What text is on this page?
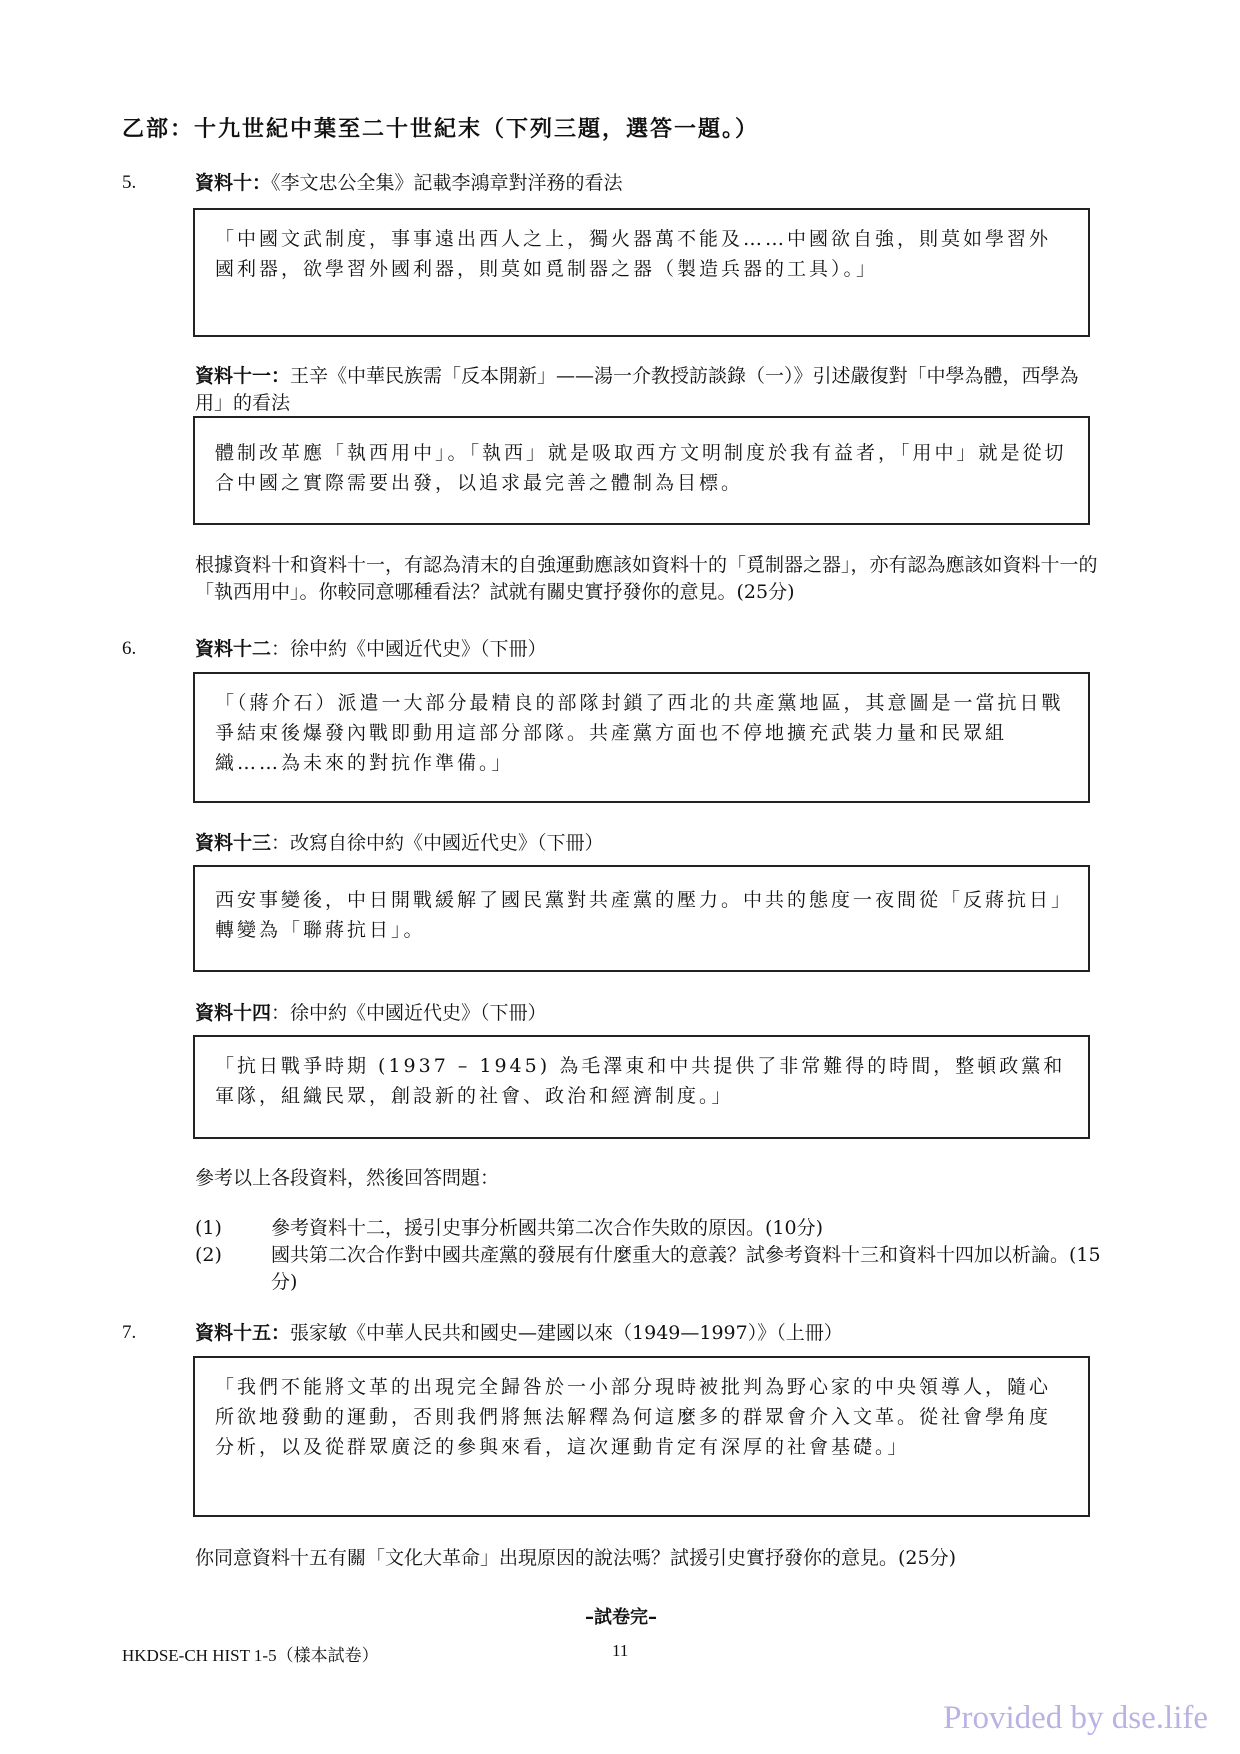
乙部：十九世紀中葉至二十世紀末（下列三題，選答一題。）
5.	資料十：《李文忠公全集》記載李鴻章對洋務的看法
「中國文武制度，事事遠出西人之上，獨火器萬不能及……中國欲自強，則莫如學習外國利器，欲學習外國利器，則莫如覓制器之器（製造兵器的工具）。」
資料十一：王辛《中華民族需「反本開新」——湯一介教授訪談錄（一）》引述嚴復對「中學為體，西學為用」的看法
體制改革應「執西用中」。「執西」就是吸取西方文明制度於我有益者，「用中」就是從切合中國之實際需要出發，以追求最完善之體制為目標。
根據資料十和資料十一，有認為清末的自強運動應該如資料十的「覓制器之器」，亦有認為應該如資料十一的「執西用中」。你較同意哪種看法？試就有關史實抒發你的意見。(25分)
6.	資料十二：徐中約《中國近代史》（下冊）
「（蔣介石）派遣一大部分最精良的部隊封鎖了西北的共產黨地區，其意圖是一當抗日戰爭結束後爆發內戰即動用這部分部隊。共產黨方面也不停地擴充武裝力量和民眾組織……為未來的對抗作準備。」
資料十三：改寫自徐中約《中國近代史》（下冊）
西安事變後，中日開戰緩解了國民黨對共產黨的壓力。中共的態度一夜間從「反蔣抗日」轉變為「聯蔣抗日」。
資料十四：徐中約《中國近代史》（下冊）
「抗日戰爭時期 (1937 – 1945) 為毛澤東和中共提供了非常難得的時間，整頓政黨和軍隊，組織民眾，創設新的社會、政治和經濟制度。」
參考以上各段資料，然後回答問題：
(1)	參考資料十二，援引史事分析國共第二次合作失敗的原因。(10分)
(2)	國共第二次合作對中國共產黨的發展有什麼重大的意義？試參考資料十三和資料十四加以析論。(15分)
7.	資料十五：張家敏《中華人民共和國史—建國以來（1949—1997）》（上冊）
「我們不能將文革的出現完全歸咎於一小部分現時被批判為野心家的中央領導人，隨心所欲地發動的運動，否則我們將無法解釋為何這麼多的群眾會介入文革。從社會學角度分析，以及從群眾廣泛的參與來看，這次運動肯定有深厚的社會基礎。」
你同意資料十五有關「文化大革命」出現原因的說法嗎？試援引史實抒發你的意見。(25分)
–試卷完–
HKDSE-CH HIST 1-5（樣本試卷）	11
Provided by dse.life
